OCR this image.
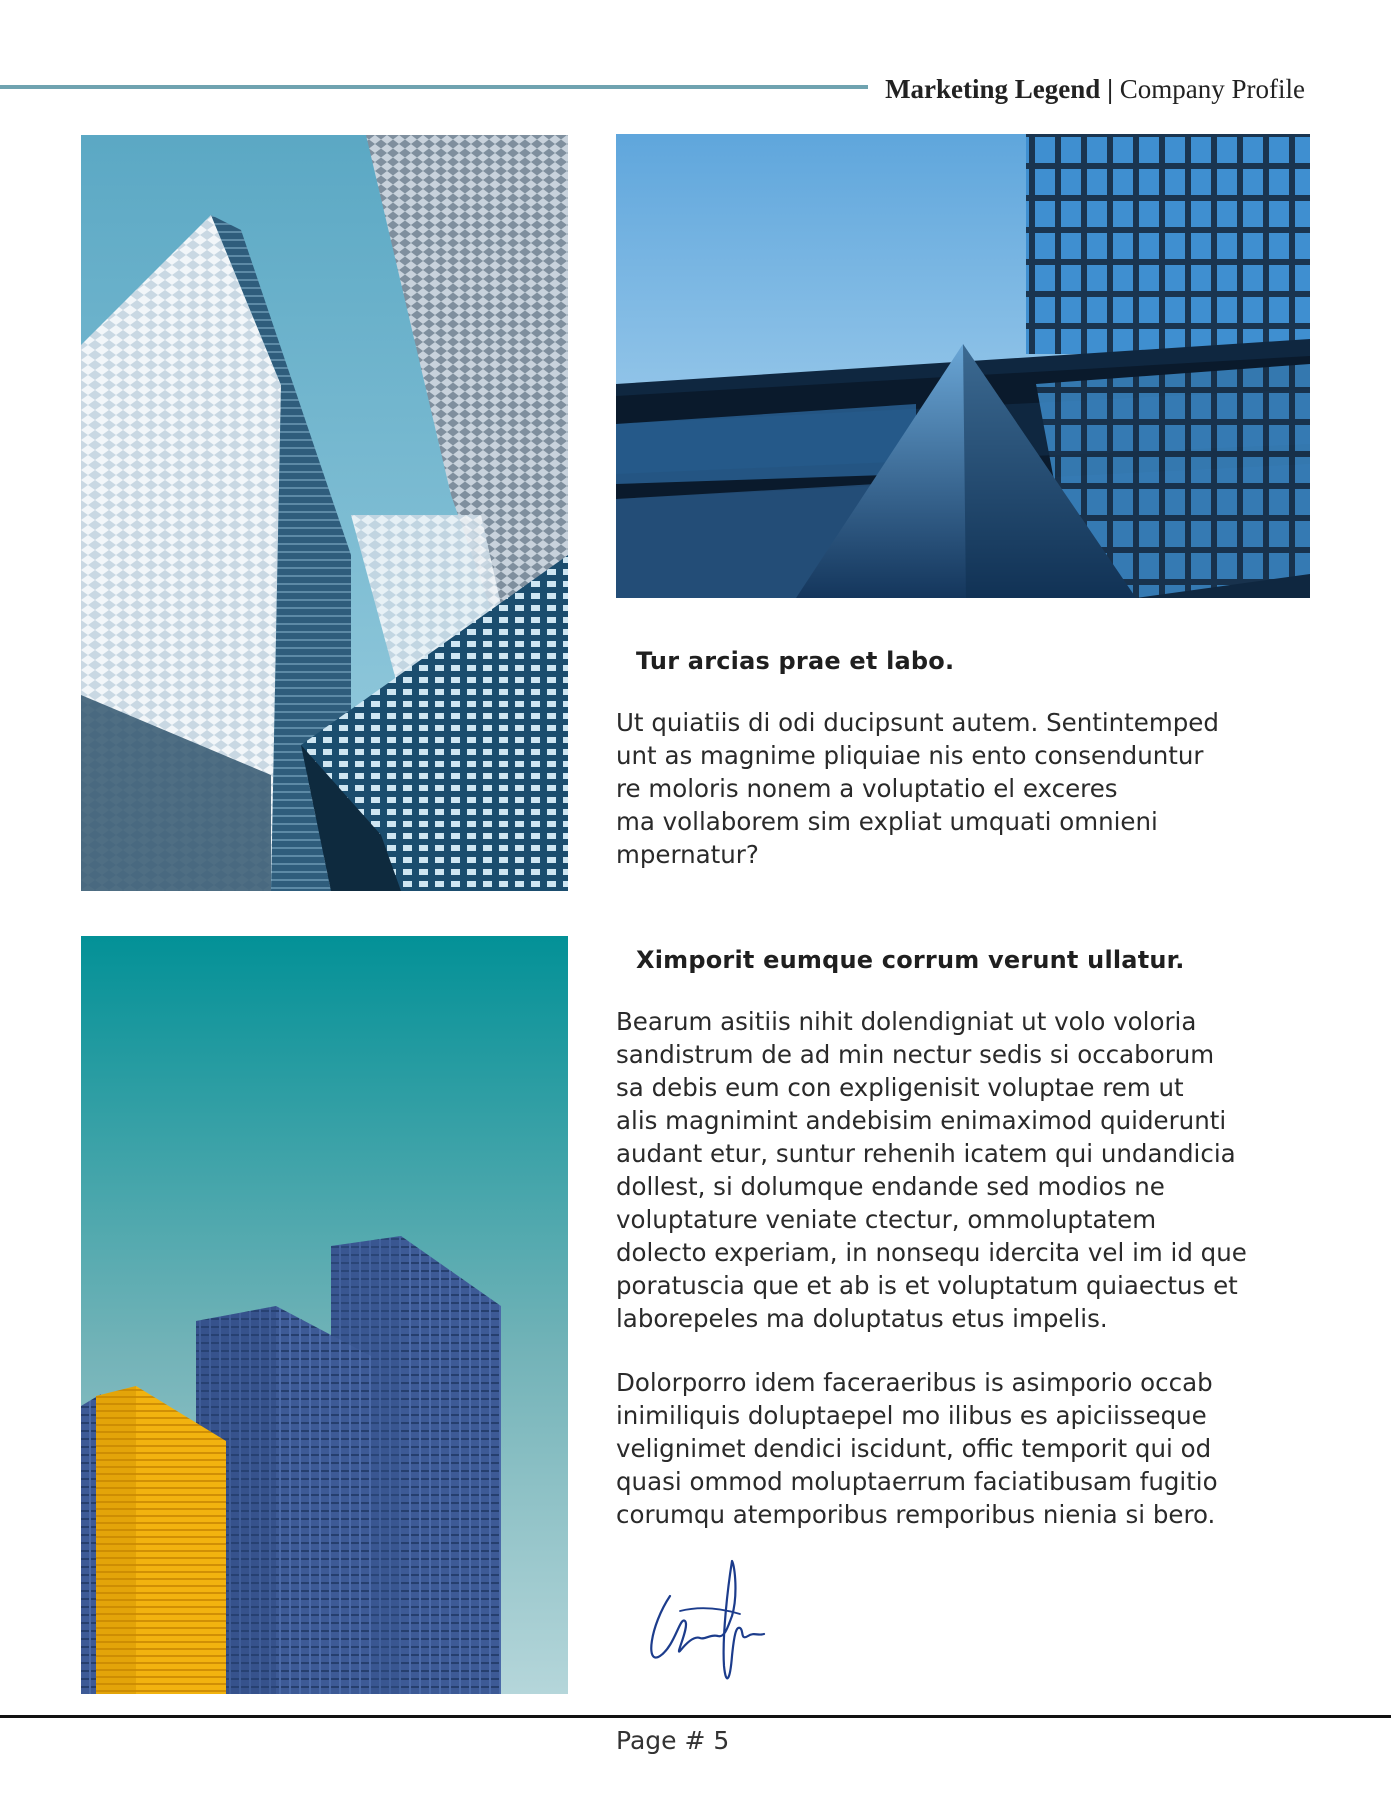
Marketing Legend | Company Profile
Tur arcias prae et labo.
Ut quiatiis di odi ducipsunt autem. Sentintemped
unt as magnime pliquiae nis ento consenduntur
re moloris nonem a voluptatio el exceres
ma vollaborem sim expliat umquati omnieni
mpernatur?
Ximporit eumque corrum verunt ullatur.
Bearum asitiis nihit dolendigniat ut volo voloria
sandistrum de ad min nectur sedis si occaborum
sa debis eum con expligenisit voluptae rem ut
alis magnimint andebisim enimaximod quiderunti
audant etur, suntur rehenih icatem qui undandicia
dollest, si dolumque endande sed modios ne
voluptature veniate ctectur, ommoluptatem
dolecto experiam, in nonsequ idercita vel im id que
poratuscia que et ab is et voluptatum quiaectus et
laborepeles ma doluptatus etus impelis.
Dolorporro idem faceraeribus is asimporio occab
inimiliquis doluptaepel mo ilibus es apiciisseque
velignimet dendici iscidunt, offic temporit qui od
quasi ommod moluptaerrum faciatibusam fugitio
corumqu atemporibus remporibus nienia si bero.
Page # 5
